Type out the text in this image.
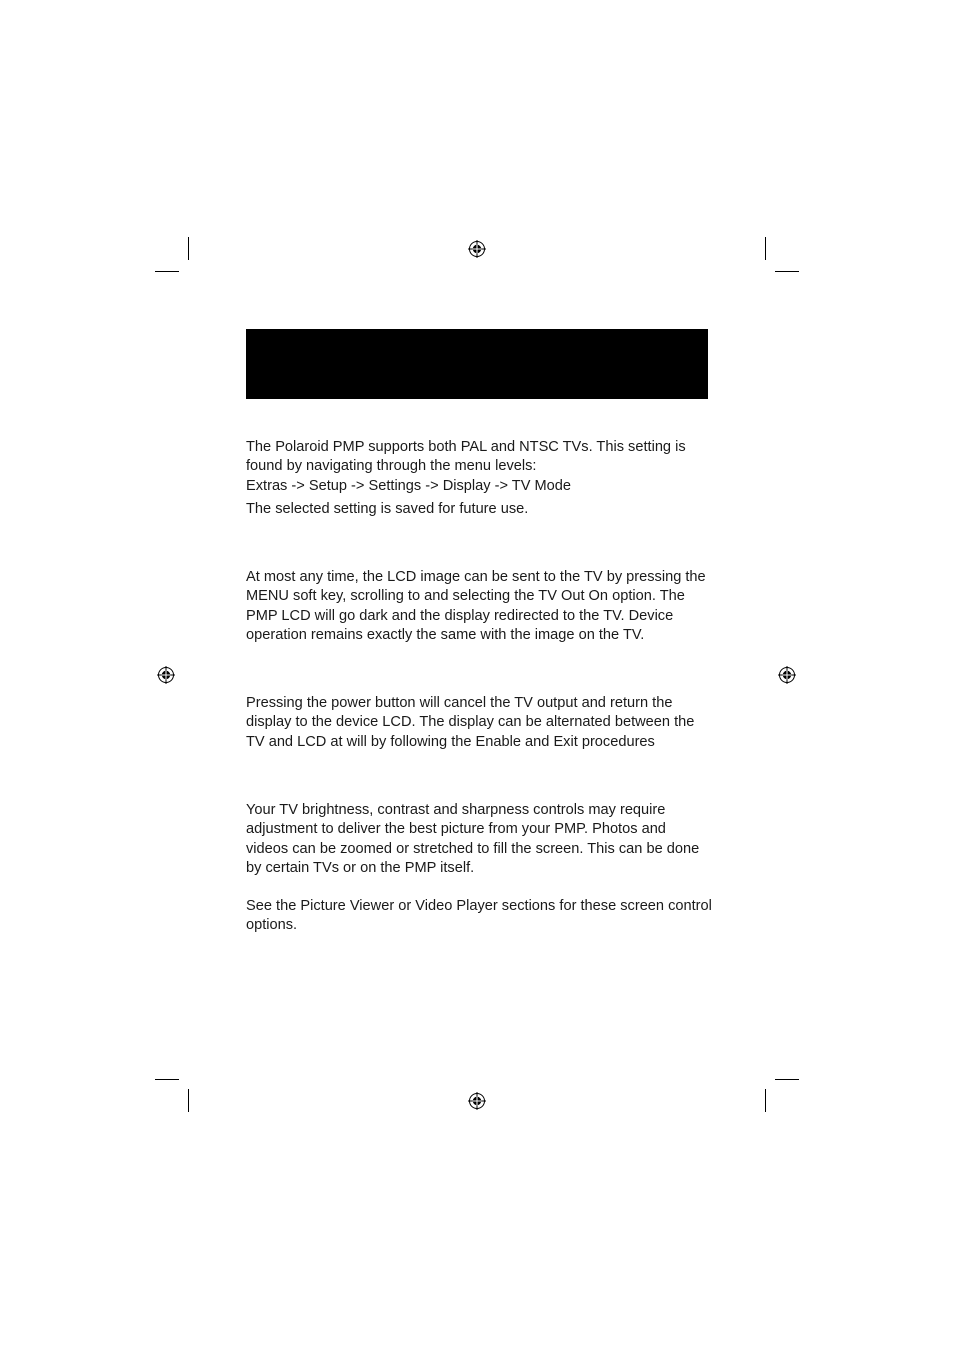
The Polaroid PMP supports both PAL and NTSC TVs. This setting is
found by navigating through the menu levels:
Extras -> Setup -> Settings -> Display -> TV Mode

The selected setting is saved for future use.

At most any time, the LCD image can be sent to the TV by pressing the
MENU soft key, scrolling to and selecting the TV Out On option. The
PMP LCD will go dark and the display redirected to the TV. Device
operation remains exactly the same with the image on the TV.

Pressing the power button will cancel the TV output and return the
display to the device LCD. The display can be alternated between the
TV and LCD at will by following the Enable and Exit procedures

Your TV brightness, contrast and sharpness controls may require
adjustment to deliver the best picture from your PMP. Photos and
videos can be zoomed or stretched to fill the screen. This can be done
by certain TVs or on the PMP itself.

See the Picture Viewer or Video Player sections for these screen control
options.
